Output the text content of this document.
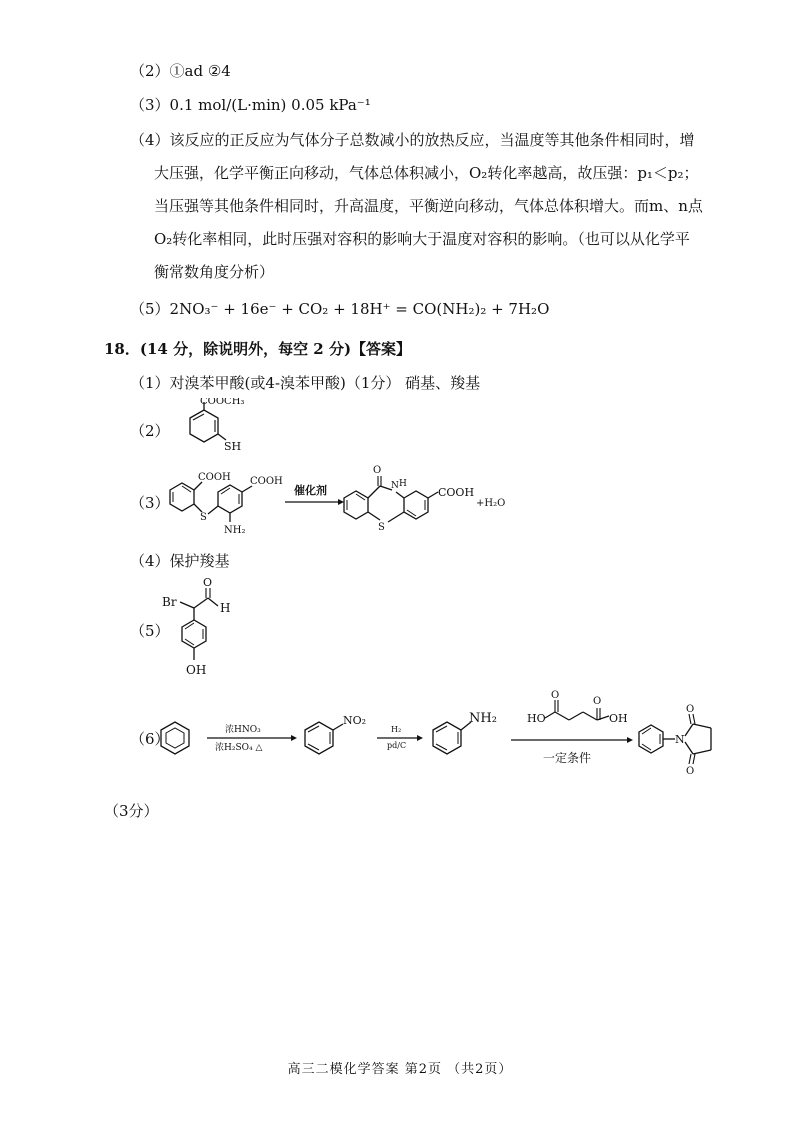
（2）①ad ②4
（3）0.1 mol/(L·min) 0.05 kPa⁻¹
（4）该反应的正反应为气体分子总数减小的放热反应，当温度等其他条件相同时，增
大压强，化学平衡正向移动，气体总体积减小，O₂转化率越高，故压强：p₁＜p₂；
当压强等其他条件相同时，升高温度，平衡逆向移动，气体总体积增大。而m、n点
O₂转化率相同，此时压强对容积的影响大于温度对容积的影响。（也可以从化学平
衡常数角度分析）
（5）2NO₃⁻ + 16e⁻ + CO₂ + 18H⁺ = CO(NH₂)₂ + 7H₂O
18．(14 分，除说明外，每空 2 分)【答案】
（1）对溴苯甲酸(或4-溴苯甲酸)（1分） 硝基、羧基
（2）
COOCH₃
SH
（3）
COOH
S
COOH
NH₂
催化剂
O
N H
S
COOH
+H₂O
（4）保护羧基
（5）
Br
O
H
OH
（6）	浓HNO₃
浓H₂SO₄ △
NO₂
H₂
pd/C
NH₂	HO
O
O
OH
一定条件
N
O
O
（3分）
高三二模化学答案 第2页 （共2页）
